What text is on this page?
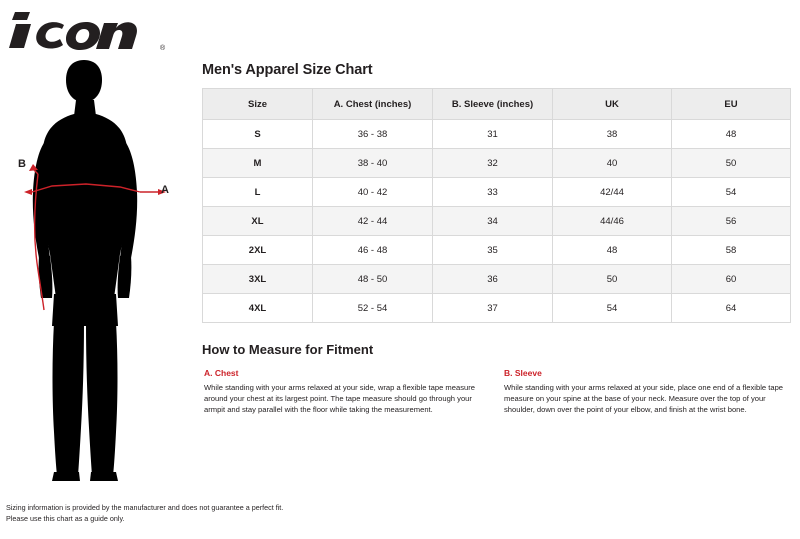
®
B
A
Men's Apparel Size Chart
Size	A. Chest (inches)	B. Sleeve (inches)	UK	EU
S	36 - 38	31	38	48
M	38 - 40	32	40	50
L	40 - 42	33	42/44	54
XL	42 - 44	34	44/46	56
2XL	46 - 48	35	48	58
3XL	48 - 50	36	50	60
4XL	52 - 54	37	54	64
How to Measure for Fitment
A. Chest
While standing with your arms relaxed at your side, wrap a flexible tape measure around your chest at its largest point. The tape measure should go through your armpit and stay parallel with the floor while taking the measurement.
B. Sleeve
While standing with your arms relaxed at your side, place one end of a flexible tape measure on your spine at the base of your neck. Measure over the top of your shoulder, down over the point of your elbow, and finish at the wrist bone.
Sizing information is provided by the manufacturer and does not guarantee a perfect fit.
Please use this chart as a guide only.
